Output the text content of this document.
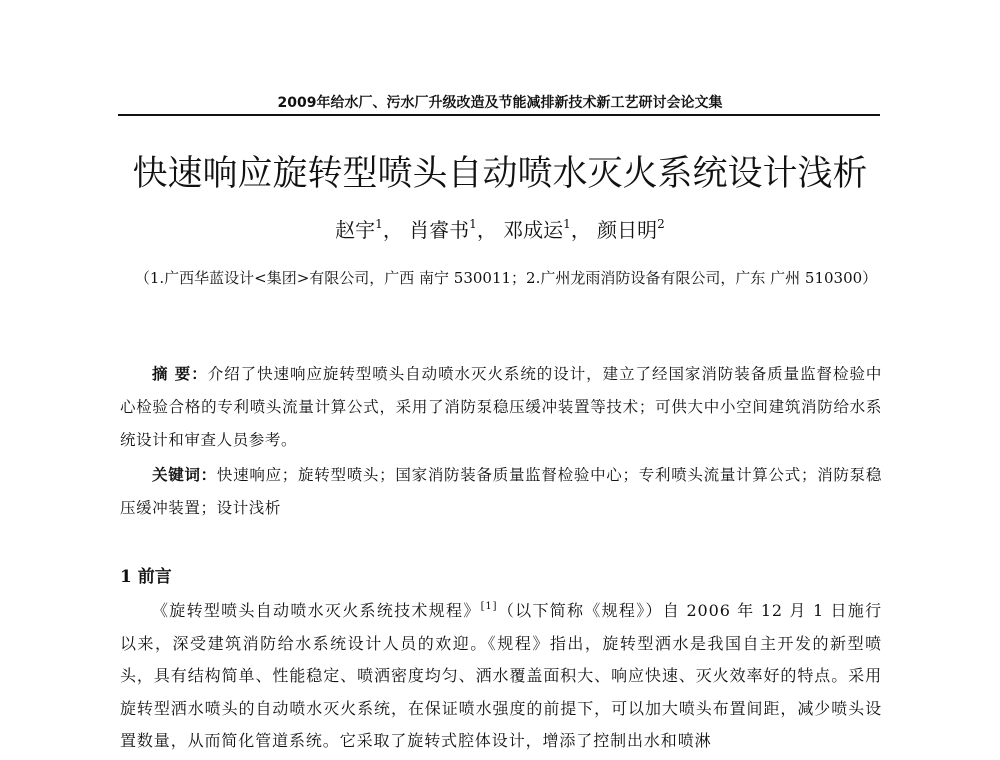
2009年给水厂、污水厂升级改造及节能减排新技术新工艺研讨会论文集
快速响应旋转型喷头自动喷水灭火系统设计浅析
赵宇$^1$， 肖睿书$^1$， 邓成运$^1$， 颜日明$^2$
（1.广西华蓝设计<集团>有限公司，广西 南宁 530011；2.广州龙雨消防设备有限公司，广东 广州 510300）
摘 要：介绍了快速响应旋转型喷头自动喷水灭火系统的设计，建立了经国家消防装备质量监督检验中心检验合格的专利喷头流量计算公式，采用了消防泵稳压缓冲装置等技术；可供大中小空间建筑消防给水系统设计和审查人员参考。
关键词：快速响应；旋转型喷头；国家消防装备质量监督检验中心；专利喷头流量计算公式；消防泵稳压缓冲装置；设计浅析
1 前言
《旋转型喷头自动喷水灭火系统技术规程》[1]（以下简称《规程》）自 2006 年 12 月 1 日施行以来，深受建筑消防给水系统设计人员的欢迎。《规程》指出，旋转型洒水是我国自主开发的新型喷头，具有结构简单、性能稳定、喷洒密度均匀、洒水覆盖面积大、响应快速、灭火效率好的特点。采用旋转型洒水喷头的自动喷水灭火系统，在保证喷水强度的前提下，可以加大喷头布置间距，减少喷头设置数量，从而简化管道系统。它采取了旋转式腔体设计，增添了控制出水和喷淋
